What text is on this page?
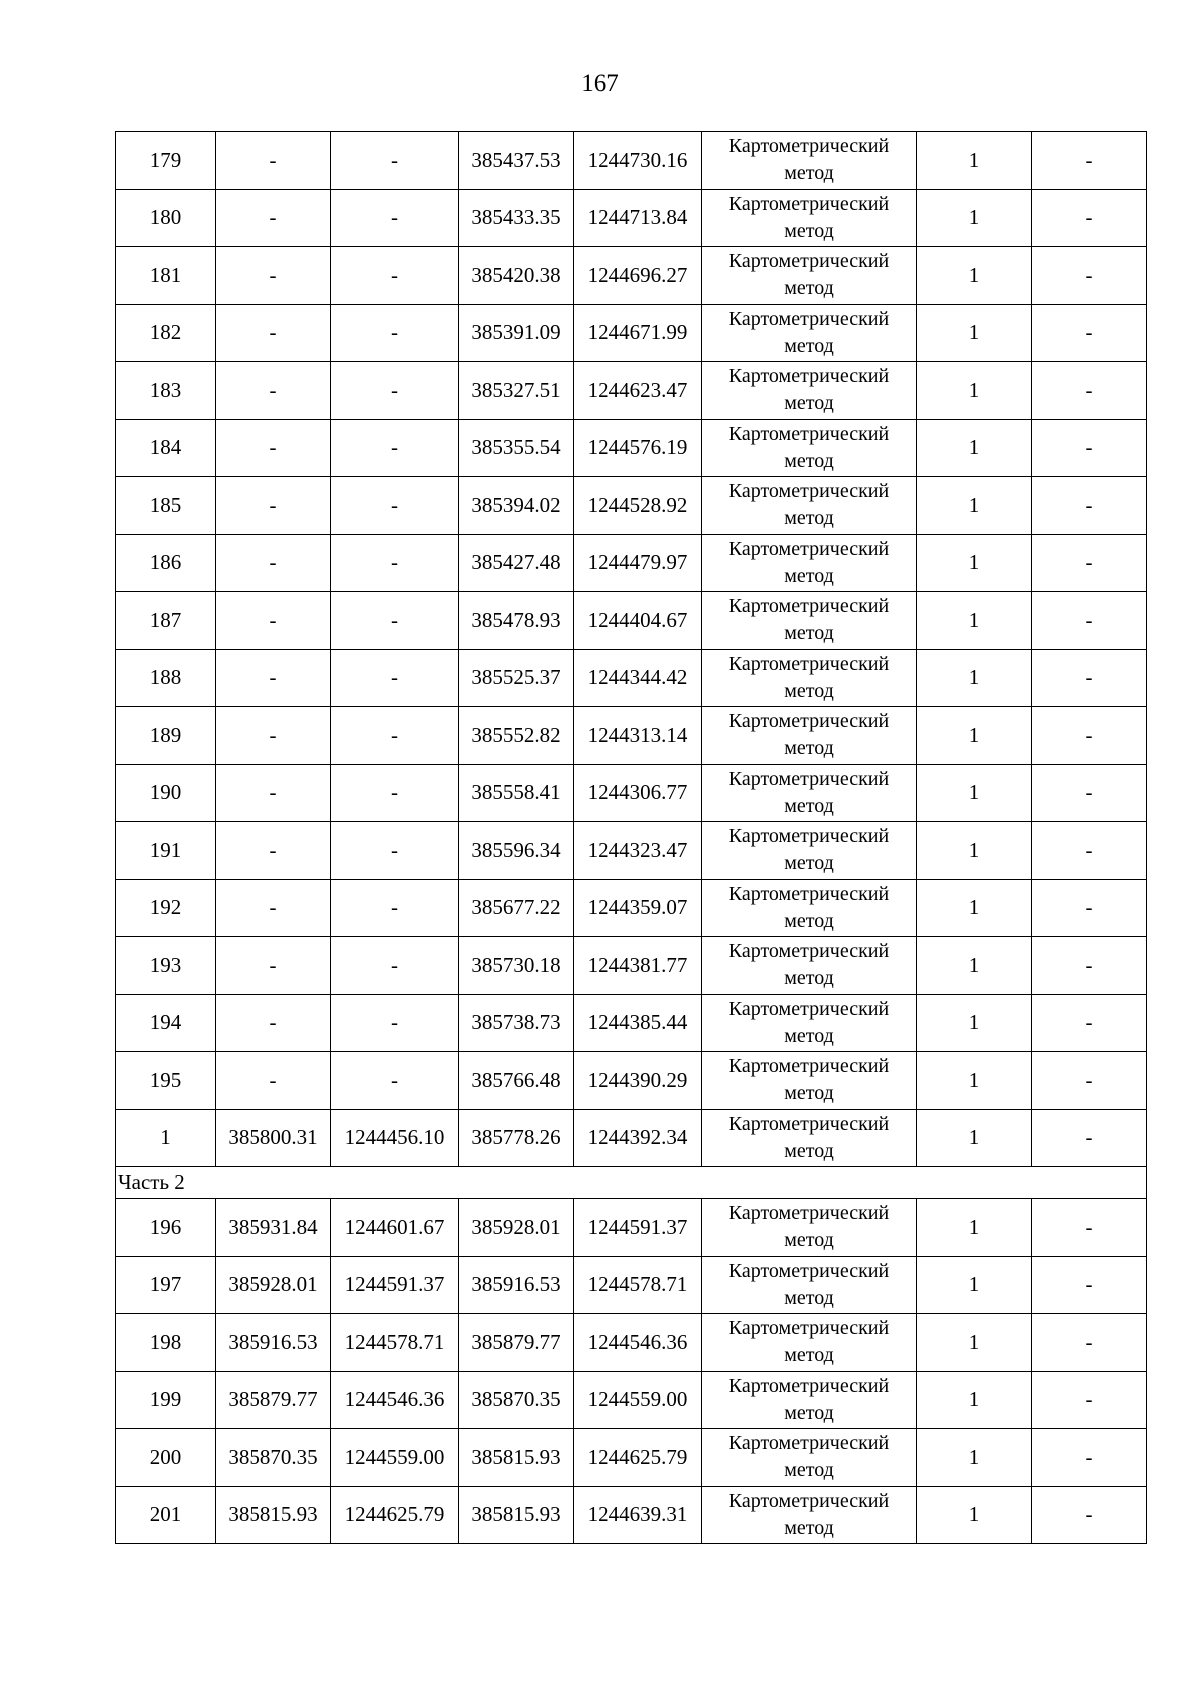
167
179	-	-	385437.53	1244730.16	Картометрический метод	1	-
180	-	-	385433.35	1244713.84	Картометрический метод	1	-
181	-	-	385420.38	1244696.27	Картометрический метод	1	-
182	-	-	385391.09	1244671.99	Картометрический метод	1	-
183	-	-	385327.51	1244623.47	Картометрический метод	1	-
184	-	-	385355.54	1244576.19	Картометрический метод	1	-
185	-	-	385394.02	1244528.92	Картометрический метод	1	-
186	-	-	385427.48	1244479.97	Картометрический метод	1	-
187	-	-	385478.93	1244404.67	Картометрический метод	1	-
188	-	-	385525.37	1244344.42	Картометрический метод	1	-
189	-	-	385552.82	1244313.14	Картометрический метод	1	-
190	-	-	385558.41	1244306.77	Картометрический метод	1	-
191	-	-	385596.34	1244323.47	Картометрический метод	1	-
192	-	-	385677.22	1244359.07	Картометрический метод	1	-
193	-	-	385730.18	1244381.77	Картометрический метод	1	-
194	-	-	385738.73	1244385.44	Картометрический метод	1	-
195	-	-	385766.48	1244390.29	Картометрический метод	1	-
1	385800.31	1244456.10	385778.26	1244392.34	Картометрический метод	1	-
Часть 2							
196	385931.84	1244601.67	385928.01	1244591.37	Картометрический метод	1	-
197	385928.01	1244591.37	385916.53	1244578.71	Картометрический метод	1	-
198	385916.53	1244578.71	385879.77	1244546.36	Картометрический метод	1	-
199	385879.77	1244546.36	385870.35	1244559.00	Картометрический метод	1	-
200	385870.35	1244559.00	385815.93	1244625.79	Картометрический метод	1	-
201	385815.93	1244625.79	385815.93	1244639.31	Картометрический метод	1	-
